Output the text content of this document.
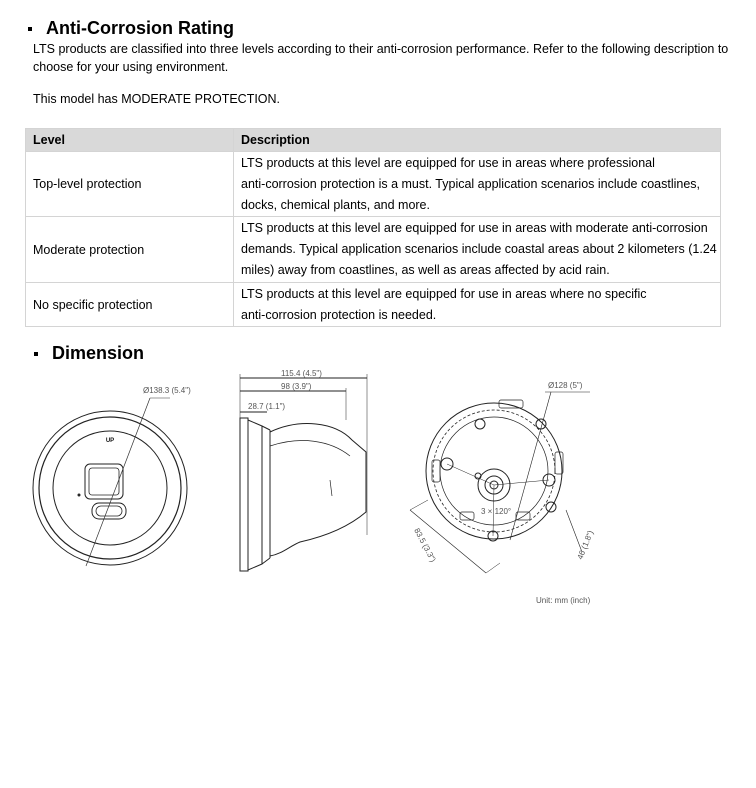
Anti-Corrosion Rating
LTS products are classified into three levels according to their anti-corrosion performance. Refer to the following description to choose for your using environment.
This model has MODERATE PROTECTION.
Level	Description
Top-level protection	LTS products at this level are equipped for use in areas where professional
anti-corrosion protection is a must. Typical application scenarios include coastlines,
docks, chemical plants, and more.

Moderate protection	LTS products at this level are equipped for use in areas with moderate anti-corrosion
demands. Typical application scenarios include coastal areas about 2 kilometers (1.24
miles) away from coastlines, as well as areas affected by acid rain.

No specific protection	LTS products at this level are equipped for use in areas where no specific
anti-corrosion protection is needed.
Dimension
Ø138.3 (5.4")
UP
115.4 (4.5")
98 (3.9")
28.7 (1.1")
Ø128 (5")
3 × 120°
83.5 (3.3")	46 (1.8")
Unit: mm (inch)
